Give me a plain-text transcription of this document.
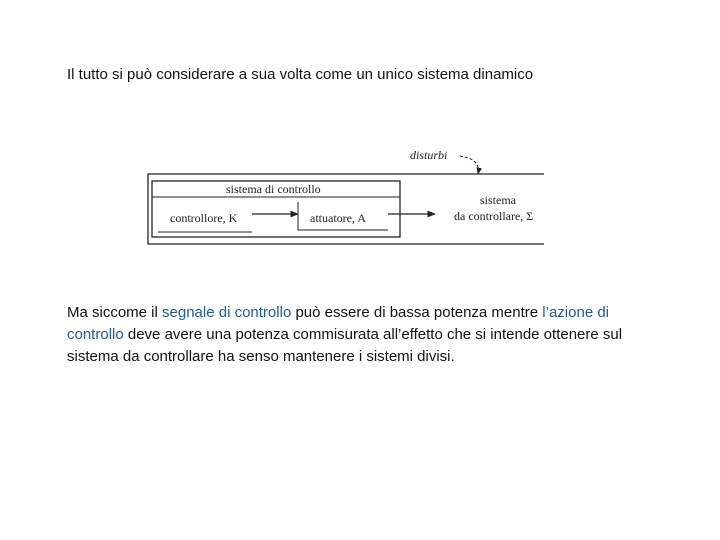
Il tutto si può considerare a sua volta come un unico sistema dinamico
sistema di controllo
controllore, K	attuatore, A
sistema
da controllare, Σ
disturbi
Ma siccome il segnale di controllo può essere di bassa potenza mentre l’azione di controllo deve avere una potenza commisurata all’effetto che si intende ottenere sul sistema da controllare ha senso mantenere i sistemi divisi.
